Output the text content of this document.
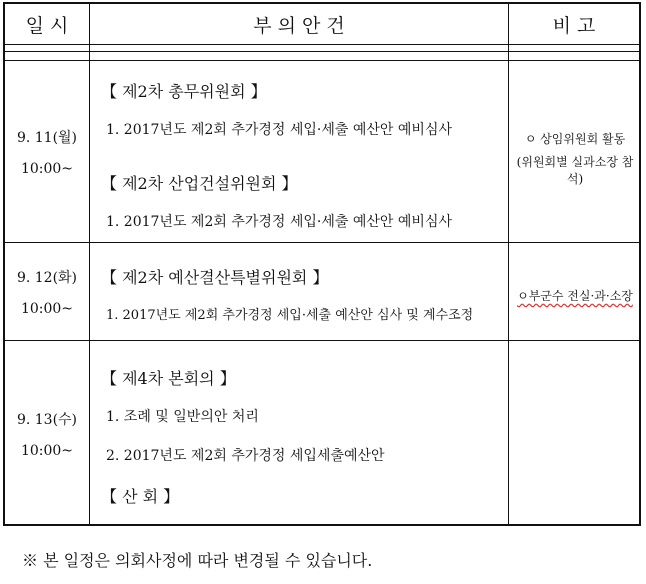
일 시	부 의 안 건	비 고
9. 11(월)
10:00~
【 제2차 총무위원회 】
1. 2017년도 제2회 추가경정 세입·세출 예산안 예비심사
【 제2차 산업건설위원회 】
1. 2017년도 제2회 추가경정 세입·세출 예산안 예비심사
ㅇ 상임위원회 활동
(위원회별 실과소장 참석)
9. 12(화)
10:00~
【 제2차 예산결산특별위원회 】
1. 2017년도 제2회 추가경정 세입·세출 예산안 심사 및 계수조정
ㅇ부군수 전실·과·소장
9. 13(수)
10:00~
【 제4차 본회의 】
1. 조례 및 일반의안 처리
2. 2017년도 제2회 추가경정 세입세출예산안
【 산 회 】
※ 본 일정은 의회사정에 따라 변경될 수 있습니다.
